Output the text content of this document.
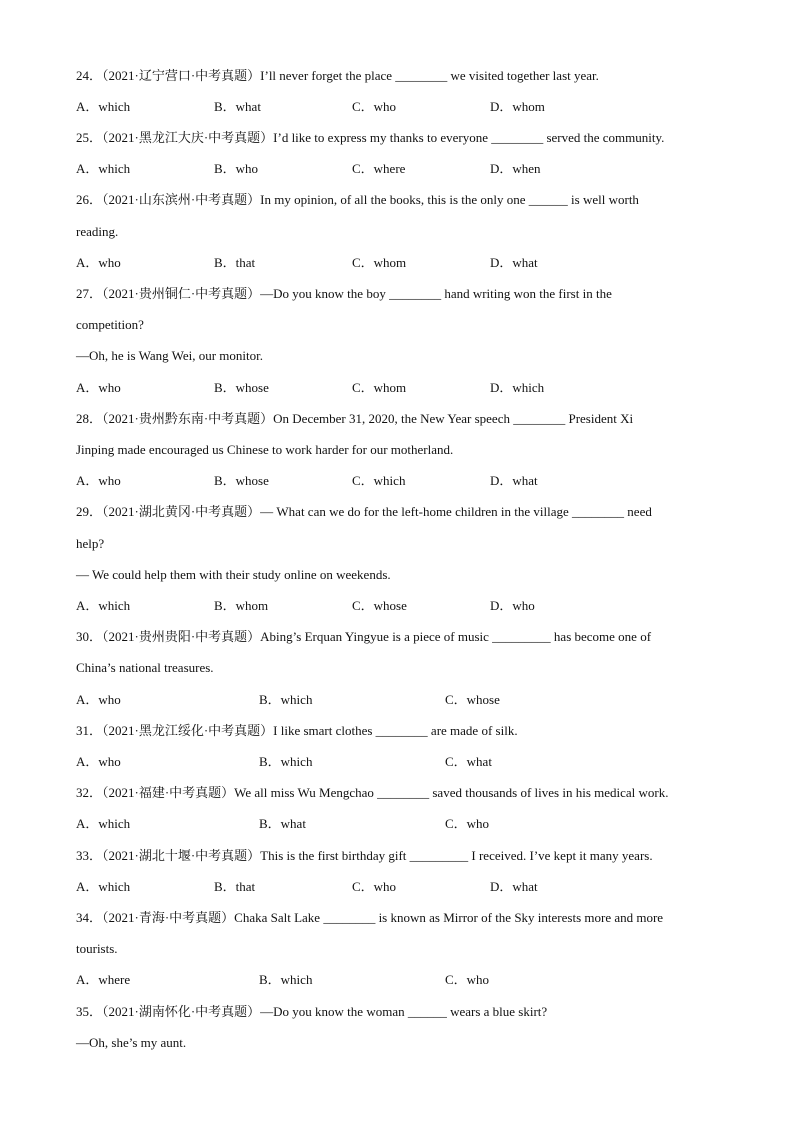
24．（2021·辽宁营口·中考真题）I’ll never forget the place ________ we visited together last year.
A．which	B．what	C．who	D．whom
25．（2021·黑龙江大庆·中考真题）I’d like to express my thanks to everyone ________ served the community.
A．which	B．who	C．where	D．when
26．（2021·山东滨州·中考真题）In my opinion, of all the books, this is the only one ______ is well worth
reading.
A．who	B．that	C．whom	D．what
27．（2021·贵州铜仁·中考真题）—Do you know the boy ________ hand writing won the first in the
competition?
—Oh, he is Wang Wei, our monitor.
A．who	B．whose	C．whom	D．which
28．（2021·贵州黔东南·中考真题）On December 31, 2020, the New Year speech ________ President Xi
Jinping made encouraged us Chinese to work harder for our motherland.
A．who	B．whose	C．which	D．what
29．（2021·湖北黄冈·中考真题）— What can we do for the left-home children in the village ________ need
help?
— We could help them with their study online on weekends.
A．which	B．whom	C．whose	D．who
30．（2021·贵州贵阳·中考真题）Abing’s Erquan Yingyue is a piece of music _________ has become one of
China’s national treasures.
A．who	B．which	C．whose
31．（2021·黑龙江绥化·中考真题）I like smart clothes ________ are made of silk.
A．who	B．which	C．what
32．（2021·福建·中考真题）We all miss Wu Mengchao ________ saved thousands of lives in his medical work.
A．which	B．what	C．who
33．（2021·湖北十堰·中考真题）This is the first birthday gift _________ I received. I’ve kept it many years.
A．which	B．that	C．who	D．what
34．（2021·青海·中考真题）Chaka Salt Lake ________ is known as Mirror of the Sky interests more and more
tourists.
A．where	B．which	C．who
35．（2021·湖南怀化·中考真题）—Do you know the woman ______ wears a blue skirt?
—Oh, she’s my aunt.
